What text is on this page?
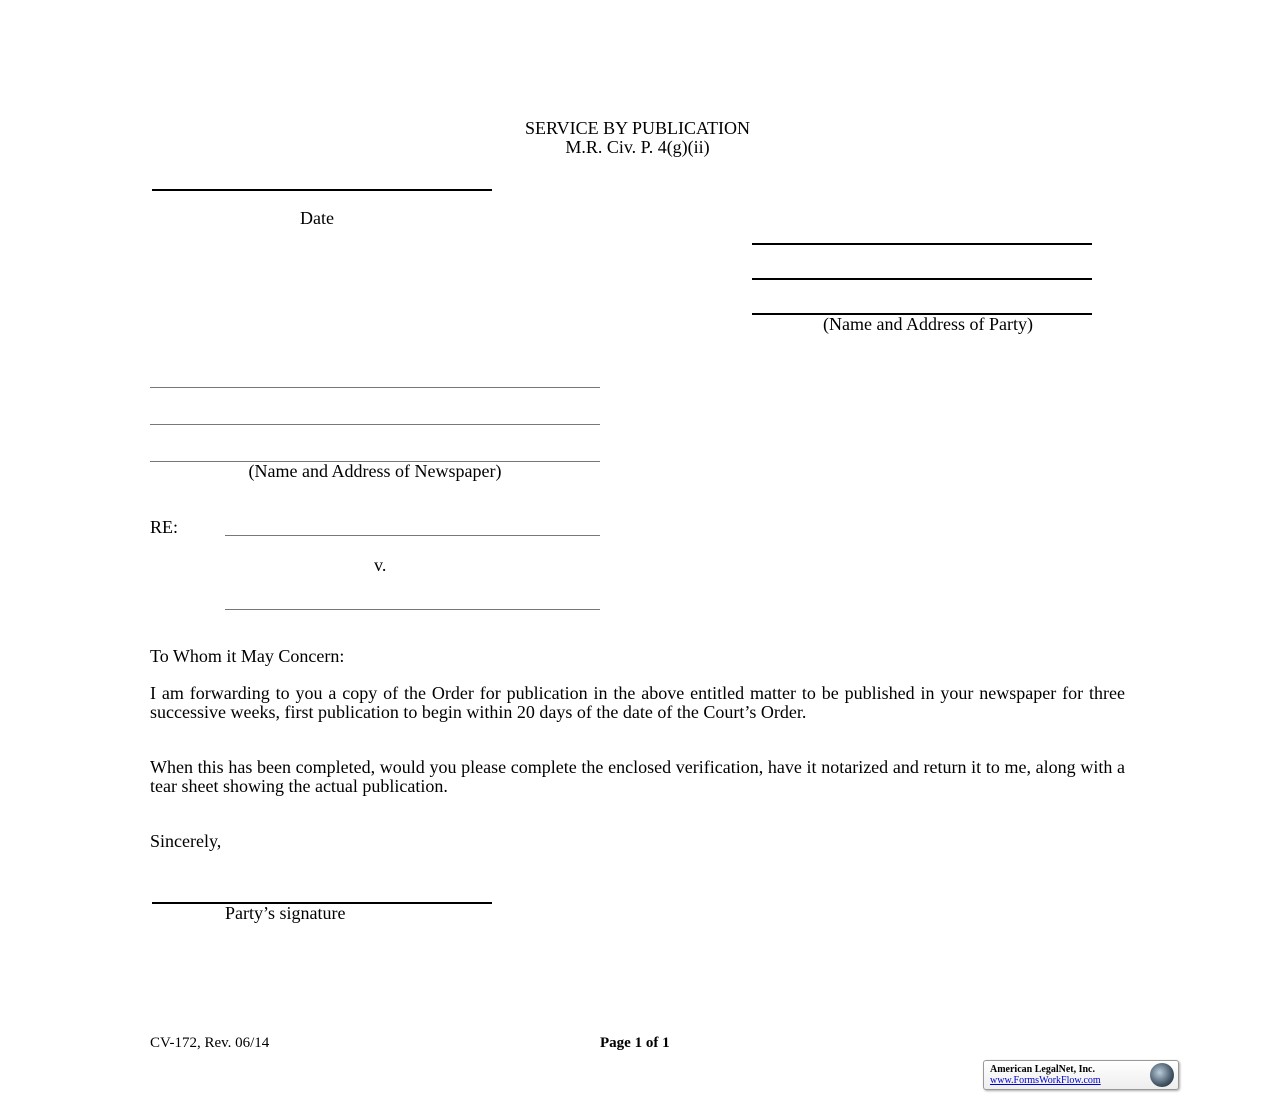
SERVICE BY PUBLICATION
M.R. Civ. P. 4(g)(ii)
Date
(Name and Address of Party)
(Name and Address of Newspaper)
RE:
v.
To Whom it May Concern:
I am forwarding to you a copy of the Order for publication in the above entitled matter to be published in your newspaper for three successive weeks, first publication to begin within 20 days of the date of the Court’s Order.
When this has been completed, would you please complete the enclosed verification, have it notarized and return it to me, along with a tear sheet showing the actual publication.
Sincerely,
Party’s signature
CV-172, Rev. 06/14	Page 1 of 1
American LegalNet, Inc.
www.FormsWorkFlow.com
